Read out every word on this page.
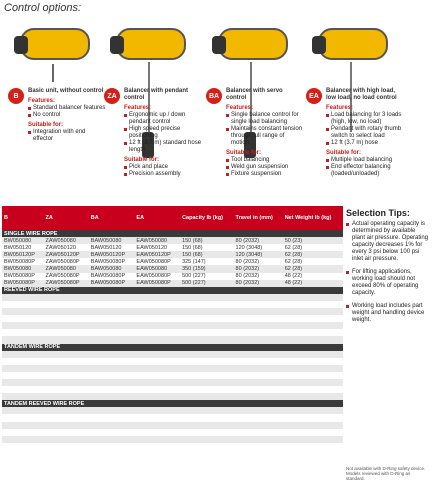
Control options:
B
Basic unit, without control
Features:
Standard balancer features
No control
Suitable for:
Integration with end effector
ZA
Balancer with pendant control
Features:
Ergonomic up / down pendant control
High speed precise positioning
12 ft (3.7 m) standard hose length
Suitable for:
Pick and place
Precision assembly
BA
Balancer with servo control
Features:
Single balance control for single load balancing
Maintains constant tension through full range of motion
Suitable for:
Tool balancing
Weld gun suspension
Fixture suspension
EA
Balancer with high load, low load, no load control
Features:
Load balancing for 3 loads (high, low, no load)
Pendant with rotary thumb switch to select load
12 ft (3.7 m) hose
Suitable for:
Multiple load balancing
End effector balancing (loaded/unloaded)
B	ZA	BA	EA	Capacity lb (kg)	Travel in (mm)	Net Weight lb (kg)
SINGLE WIRE ROPE						
BW050080	ZAW050080	BAW050080	EAW050080	150 (68)	80 (2032)	50 (23)
BW050120	ZAW050120	BAW050120	EAW050120	150 (68)	120 (3048)	62 (28)
BW050120P	ZAW050120P	BAW050120P	EAW050120P	150 (68)	120 (3048)	62 (28)
BW050080P	ZAW050080P	BAW050080P	EAW050080P	325 (147)	80 (2032)	62 (28)
BW050080	ZAW050080	BAW050080	EAW050080	350 (159)	80 (2032)	62 (28)
BW050080P	ZAW050080P	BAW050080P	EAW050080P	500 (227)	80 (2032)	48 (22)
BW050080P	ZAW050080P	BAW050080P	EAW050080P	500 (227)	80 (2032)	48 (22)
REEVED WIRE ROPE						

TANDEM WIRE ROPE						

TANDEM REEVED WIRE ROPE						

Selection Tips:
Actual operating capacity is determined by available plant air pressure. Operating capacity decreases 1% for every 3 psi below 100 psi inlet air pressure.
For lifting applications, working load should not exceed 80% of operating capacity.
Working load includes part weight and handling device weight.
Not available with D-Ring safety device. Models reviewed with D-Ring as standard.
